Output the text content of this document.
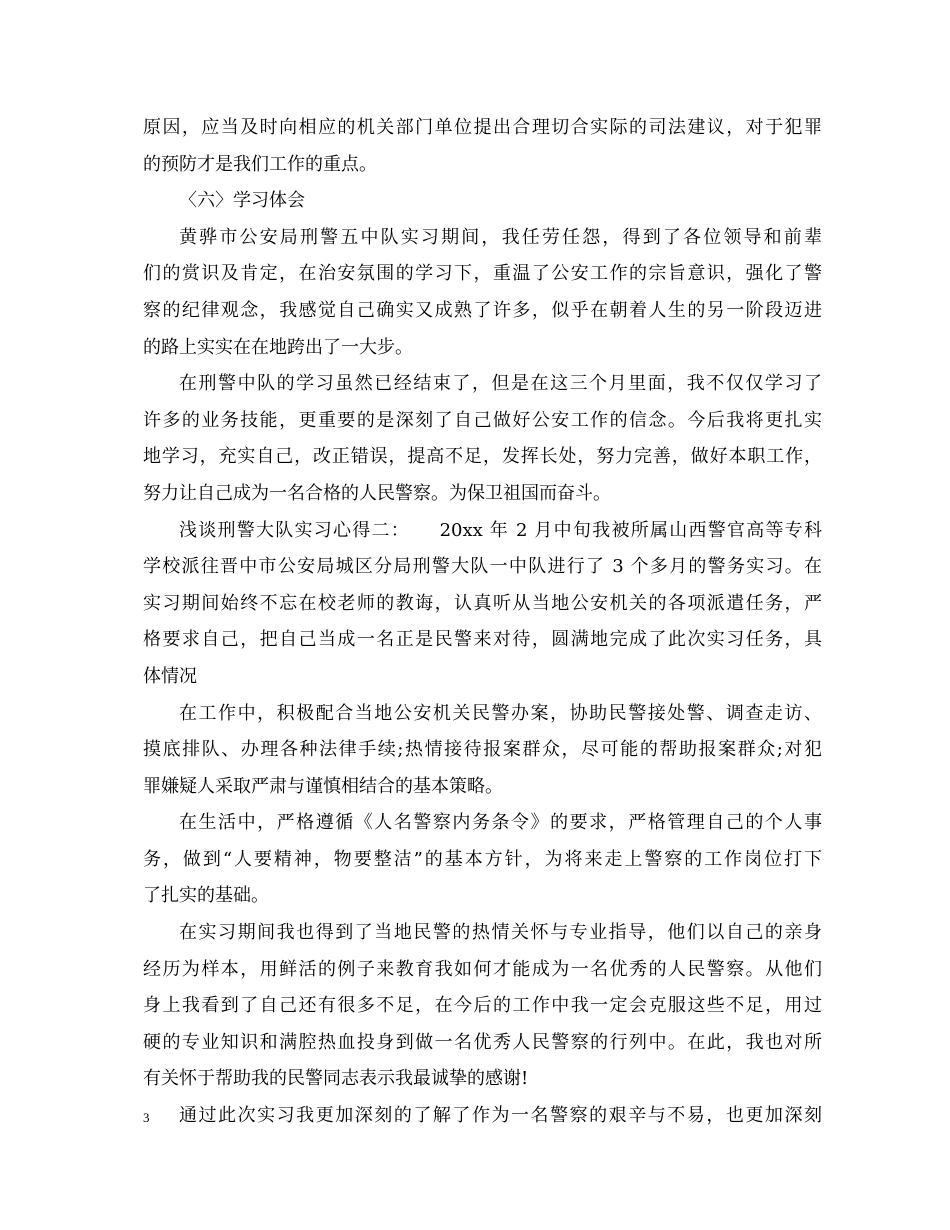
原因，应当及时向相应的机关部门单位提出合理切合实际的司法建议，对于犯罪
的预防才是我们工作的重点。
〈六〉学习体会
黄骅市公安局刑警五中队实习期间，我任劳任怨，得到了各位领导和前辈
们的赏识及肯定，在治安氛围的学习下，重温了公安工作的宗旨意识，强化了警
察的纪律观念，我感觉自己确实又成熟了许多，似乎在朝着人生的另一阶段迈进
的路上实实在在地跨出了一大步。
在刑警中队的学习虽然已经结束了，但是在这三个月里面，我不仅仅学习了
许多的业务技能，更重要的是深刻了自己做好公安工作的信念。今后我将更扎实
地学习，充实自己，改正错误，提高不足，发挥长处，努力完善，做好本职工作，
努力让自己成为一名合格的人民警察。为保卫祖国而奋斗。
浅谈刑警大队实习心得二：　　20xx 年 2 月中旬我被所属山西警官高等专科
学校派往晋中市公安局城区分局刑警大队一中队进行了 3 个多月的警务实习。在
实习期间始终不忘在校老师的教诲，认真听从当地公安机关的各项派遣任务，严
格要求自己，把自己当成一名正是民警来对待，圆满地完成了此次实习任务，具
体情况
在工作中，积极配合当地公安机关民警办案，协助民警接处警、调查走访、
摸底排队、办理各种法律手续;热情接待报案群众，尽可能的帮助报案群众;对犯
罪嫌疑人采取严肃与谨慎相结合的基本策略。
在生活中，严格遵循《人名警察内务条令》的要求，严格管理自己的个人事
务，做到“人要精神，物要整洁”的基本方针，为将来走上警察的工作岗位打下
了扎实的基础。
在实习期间我也得到了当地民警的热情关怀与专业指导，他们以自己的亲身
经历为样本，用鲜活的例子来教育我如何才能成为一名优秀的人民警察。从他们
身上我看到了自己还有很多不足，在今后的工作中我一定会克服这些不足，用过
硬的专业知识和满腔热血投身到做一名优秀人民警察的行列中。在此，我也对所
有关怀于帮助我的民警同志表示我最诚挚的感谢!
通过此次实习我更加深刻的了解了作为一名警察的艰辛与不易，也更加深刻
3
